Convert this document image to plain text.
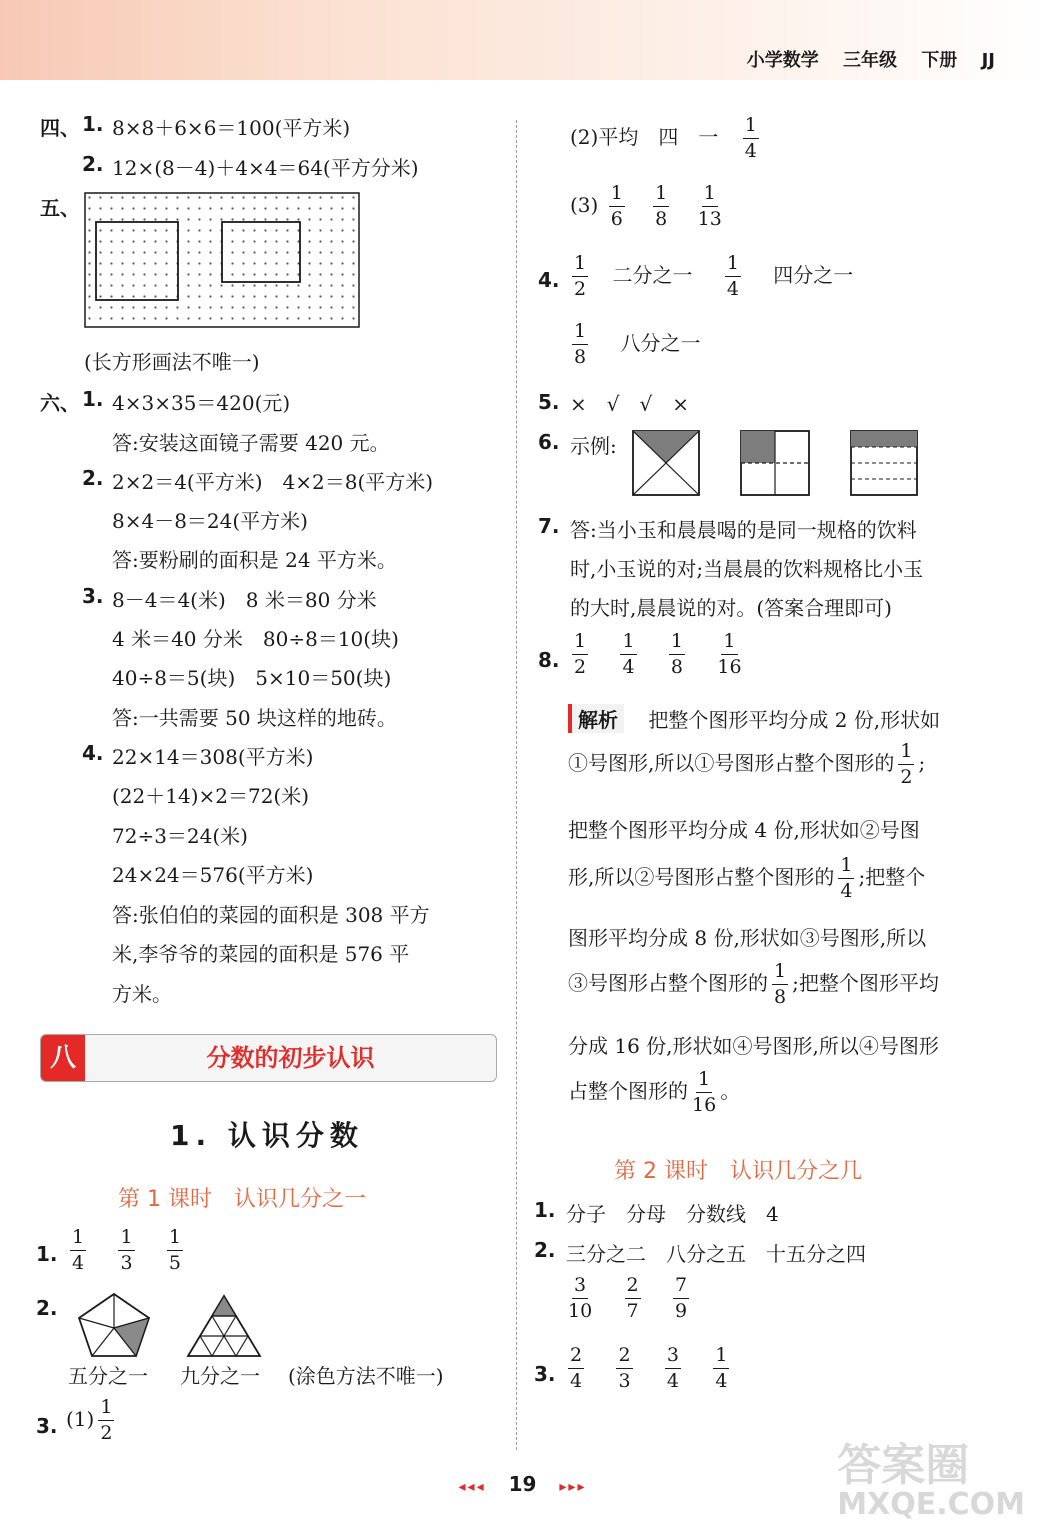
小学数学 三年级 下册 JJ
四、 1. 8×8＋6×6＝100(平方米)
2. 12×(8－4)＋4×4＝64(平方分米)
五、
(长方形画法不唯一)
六、 1. 4×3×35＝420(元)
答:安装这面镜子需要 420 元。
2. 2×2＝4(平方米)　4×2＝8(平方米)
8×4－8＝24(平方米)
答:要粉刷的面积是 24 平方米。
3. 8－4＝4(米)　8 米＝80 分米
4 米＝40 分米　80÷8＝10(块)
40÷8＝5(块)　5×10＝50(块)
答:一共需要 50 块这样的地砖。
4. 22×14＝308(平方米)
(22＋14)×2＝72(米)
72÷3＝24(米)
24×24＝576(平方米)
答:张伯伯的菜园的面积是 308 平方
米,李爷爷的菜园的面积是 576 平
方米。
八	分数的初步认识
1. 认识分数
第 1 课时　认识几分之一
1. $\frac{1}{4}$
$\frac{1}{3}$
$\frac{1}{5}$
2.
五分之一 九分之一 (涂色方法不唯一)
3. $(1) \frac{1}{2}$
(2)平均　四　一 $\frac{1}{4}$
$(3) \frac{1}{6}$
$\frac{1}{8}$
$\frac{1}{13}$
4. $\frac{1}{2}$ 二分之一 $\frac{1}{4}$ 四分之一
$\frac{1}{8}$ 八分之一
5. ×　√　√　×
6. 示例:
7. 答:当小玉和晨晨喝的是同一规格的饮料
时,小玉说的对;当晨晨的饮料规格比小玉
的大时,晨晨说的对。(答案合理即可)
8. $\frac{1}{2}$
$\frac{1}{4}$
$\frac{1}{8}$
$\frac{1}{16}$
解析 把整个图形平均分成 2 份,形状如
①号图形,所以①号图形占整个图形的 $\frac{1}{2}$ ;
把整个图形平均分成 4 份,形状如②号图
形,所以②号图形占整个图形的 $\frac{1}{4}$ ;把整个
图形平均分成 8 份,形状如③号图形,所以
③号图形占整个图形的 $\frac{1}{8}$ ;把整个图形平均
分成 16 份,形状如④号图形,所以④号图形
占整个图形的 $\frac{1}{16}$ 。
第 2 课时　认识几分之几
1. 分子　分母　分数线　4
2. 三分之二　八分之五　十五分之四
$\frac{3}{10}$
$\frac{2}{7}$
$\frac{7}{9}$
3. $\frac{2}{4}$
$\frac{2}{3}$
$\frac{3}{4}$
$\frac{1}{4}$
◂◂◂ 19 ▸▸▸	答案圈
MXQE.COM
